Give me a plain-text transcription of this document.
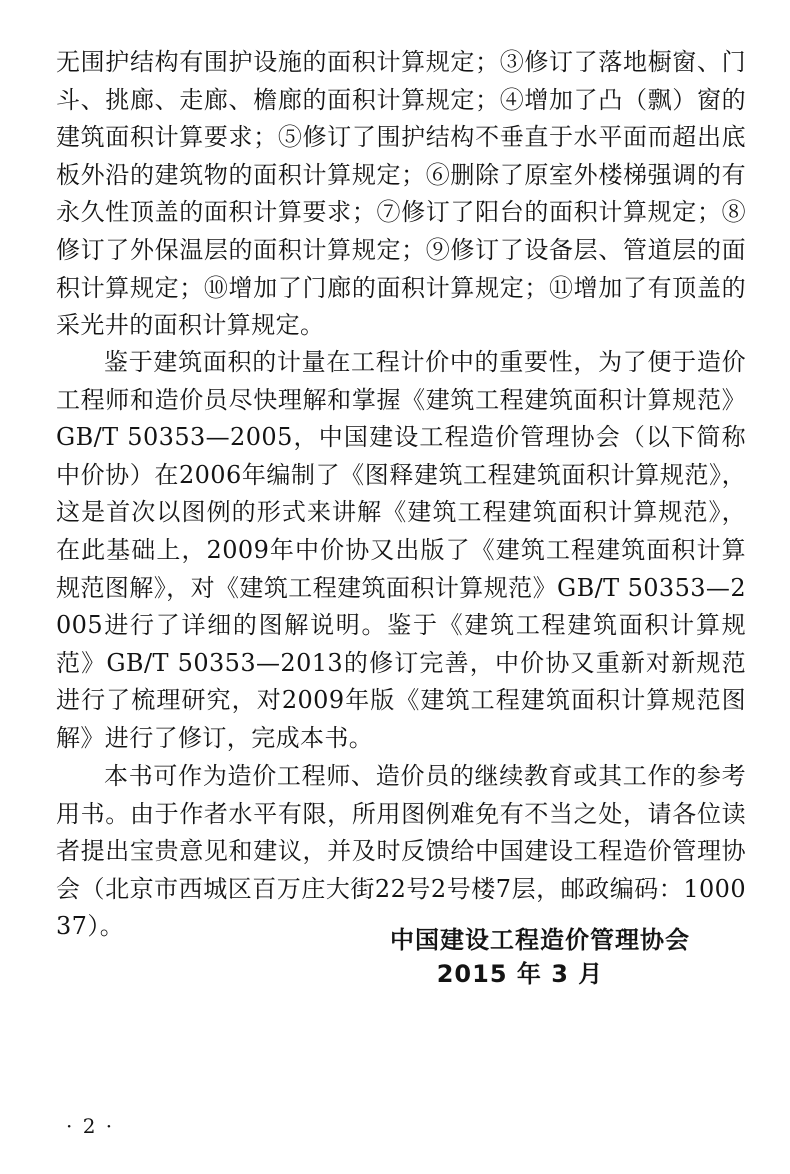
无围护结构有围护设施的面积计算规定；③修订了落地橱窗、门斗、挑廊、走廊、檐廊的面积计算规定；④增加了凸（飘）窗的建筑面积计算要求；⑤修订了围护结构不垂直于水平面而超出底板外沿的建筑物的面积计算规定；⑥删除了原室外楼梯强调的有永久性顶盖的面积计算要求；⑦修订了阳台的面积计算规定；⑧修订了外保温层的面积计算规定；⑨修订了设备层、管道层的面积计算规定；⑩增加了门廊的面积计算规定；⑪增加了有顶盖的采光井的面积计算规定。

鉴于建筑面积的计量在工程计价中的重要性，为了便于造价工程师和造价员尽快理解和掌握《建筑工程建筑面积计算规范》GB/T 50353—2005，中国建设工程造价管理协会（以下简称中价协）在2006年编制了《图释建筑工程建筑面积计算规范》，这是首次以图例的形式来讲解《建筑工程建筑面积计算规范》，在此基础上，2009年中价协又出版了《建筑工程建筑面积计算规范图解》，对《建筑工程建筑面积计算规范》GB/T 50353—2005进行了详细的图解说明。鉴于《建筑工程建筑面积计算规范》GB/T 50353—2013的修订完善，中价协又重新对新规范进行了梳理研究，对2009年版《建筑工程建筑面积计算规范图解》进行了修订，完成本书。

本书可作为造价工程师、造价员的继续教育或其工作的参考用书。由于作者水平有限，所用图例难免有不当之处，请各位读者提出宝贵意见和建议，并及时反馈给中国建设工程造价管理协会（北京市西城区百万庄大街22号2号楼7层，邮政编码：100037）。	中国建设工程造价管理协会
2015 年 3 月
· 2 ·
